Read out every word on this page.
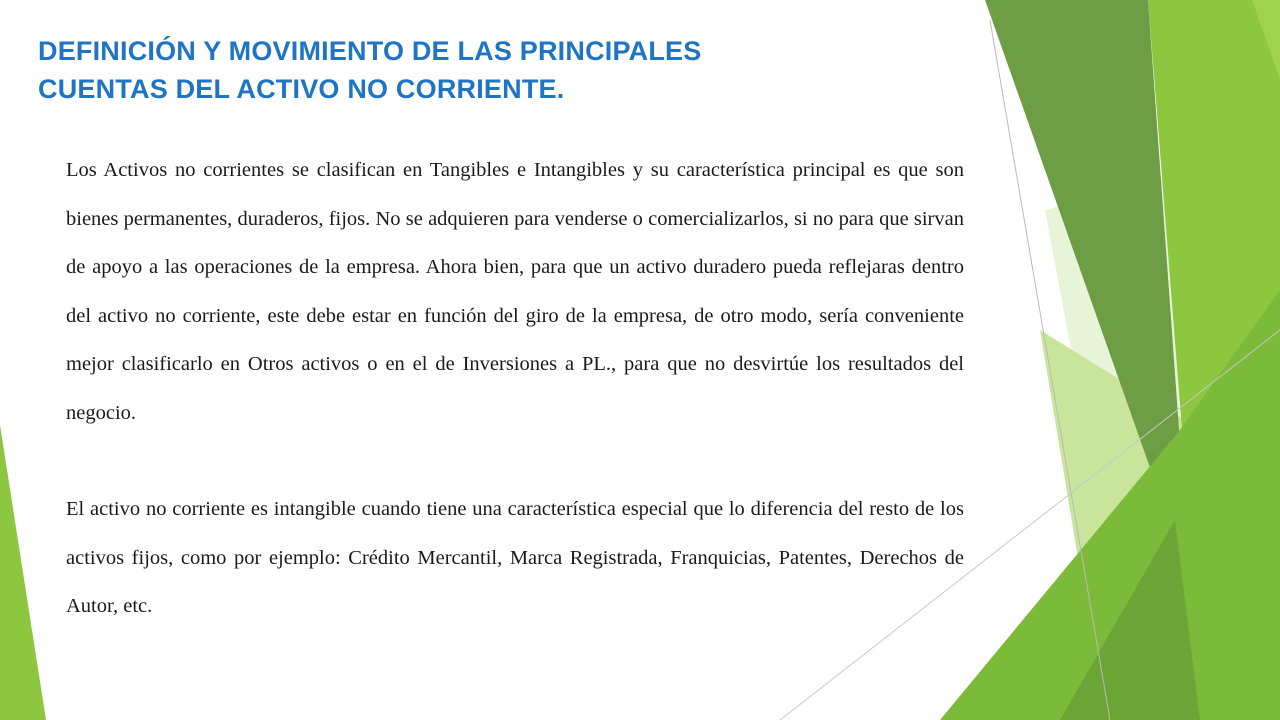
DEFINICIÓN Y MOVIMIENTO DE LAS PRINCIPALES
CUENTAS DEL ACTIVO NO CORRIENTE.

Los Activos no corrientes se clasifican en Tangibles e Intangibles y su característica principal es que son bienes permanentes, duraderos, fijos. No se adquieren para venderse o comercializarlos, si no para que sirvan de apoyo a las operaciones de la empresa. Ahora bien, para que un activo duradero pueda reflejaras dentro del activo no corriente, este debe estar en función del giro de la empresa, de otro modo, sería conveniente mejor clasificarlo en Otros activos o en el de Inversiones a PL., para que no desvirtúe los resultados del negocio.

El activo no corriente es intangible cuando tiene una característica especial que lo diferencia del resto de los activos fijos, como por ejemplo: Crédito Mercantil, Marca Registrada, Franquicias, Patentes, Derechos de Autor, etc.
